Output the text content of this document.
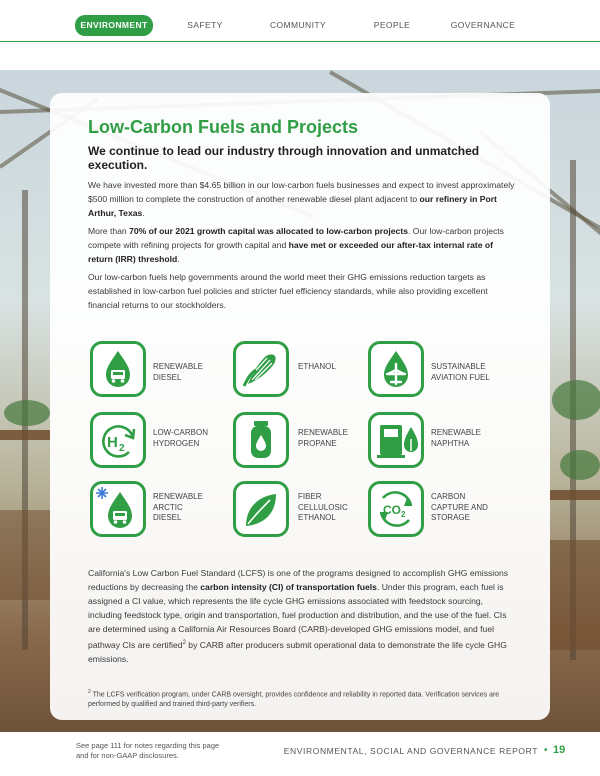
ENVIRONMENT	SAFETY	COMMUNITY	PEOPLE	GOVERNANCE
Low-Carbon Fuels and Projects
We continue to lead our industry through innovation and unmatched execution.

We have invested more than $4.65 billion in our low-carbon fuels businesses and expect to invest approximately $500 million to complete the construction of another renewable diesel plant adjacent to our refinery in Port Arthur, Texas.

More than 70% of our 2021 growth capital was allocated to low-carbon projects. Our low-carbon projects compete with refining projects for growth capital and have met or exceeded our after-tax internal rate of return (IRR) threshold.

Our low-carbon fuels help governments around the world meet their GHG emissions reduction targets as established in low-carbon fuel policies and stricter fuel efficiency standards, while also providing excellent financial returns to our stockholders.

RENEWABLE
DIESEL
ETHANOL	SUSTAINABLE
AVIATION FUEL
H 2
LOW-CARBON
HYDROGEN
RENEWABLE
PROPANE
RENEWABLE
NAPHTHA
RENEWABLE
ARCTIC
DIESEL
FIBER
CELLULOSIC
ETHANOL
CO 2
CARBON
CAPTURE AND
STORAGE

California's Low Carbon Fuel Standard (LCFS) is one of the programs designed to accomplish GHG emissions reductions by decreasing the carbon intensity (CI) of transportation fuels. Under this program, each fuel is assigned a CI value, which represents the life cycle GHG emissions associated with feedstock sourcing, including feedstock type, origin and transportation, fuel production and distribution, and the use of the fuel. CIs are determined using a California Air Resources Board (CARB)-developed GHG emissions model, and fuel pathway CIs are certified$^2$ by CARB after producers submit operational data to demonstrate the life cycle GHG emissions.

$^2$ The LCFS verification program, under CARB oversight, provides confidence and reliability in reported data. Verification services are performed by qualified and trained third-party verifiers.

See page 111 for notes regarding this page
and for non-GAAP disclosures.	ENVIRONMENTAL, SOCIAL AND GOVERNANCE REPORT • 19
